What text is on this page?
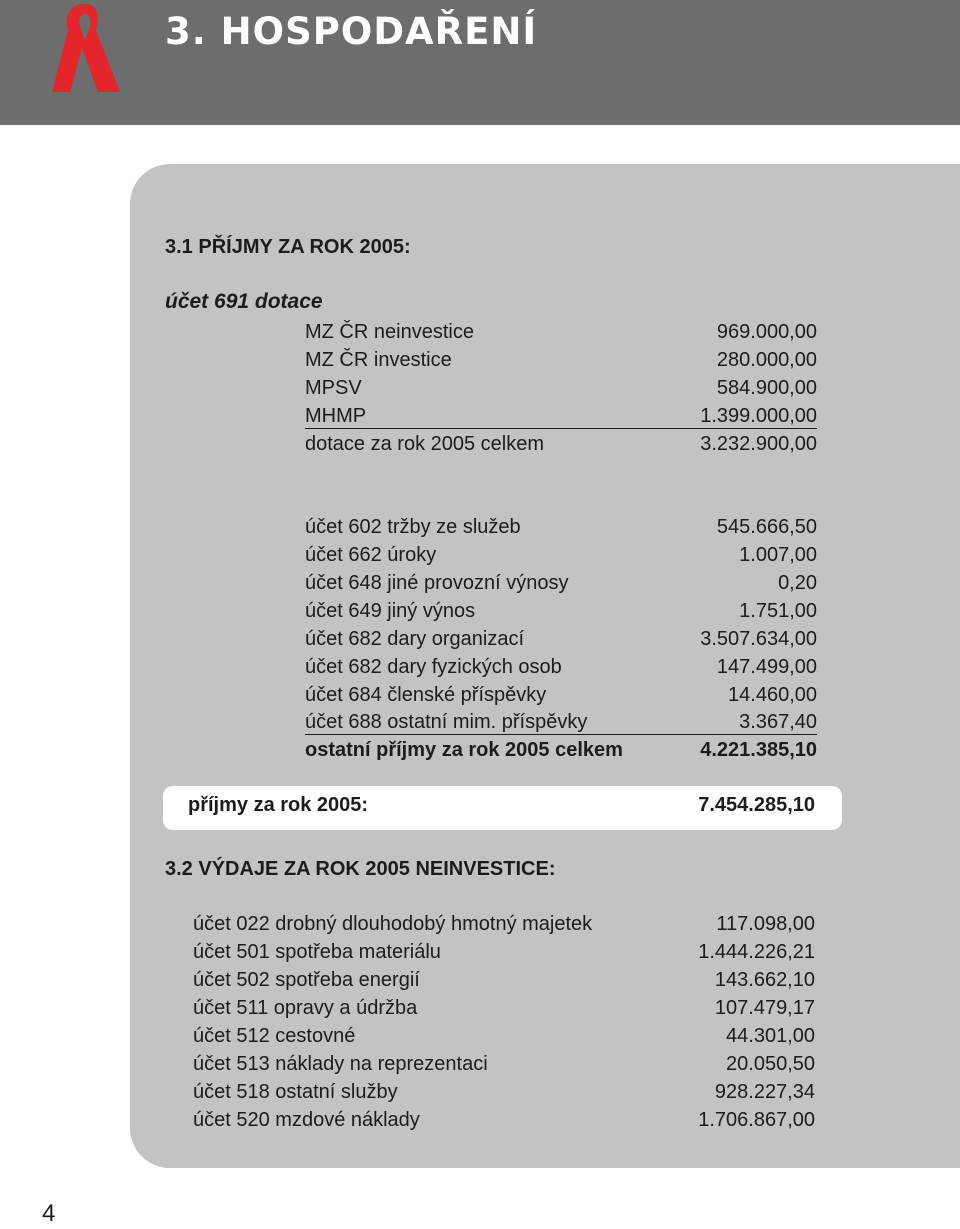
3. HOSPODAŘENÍ
4
3.1 PŘÍJMY ZA ROK 2005:
účet 691 dotace
MZ ČR neinvestice	969.000,00
MZ ČR investice	280.000,00
MPSV	584.900,00
MHMP	1.399.000,00
dotace za rok 2005 celkem	3.232.900,00
účet 602 tržby ze služeb	545.666,50
účet 662 úroky	1.007,00
účet 648 jiné provozní výnosy	0,20
účet 649 jiný výnos	1.751,00
účet 682 dary organizací	3.507.634,00
účet 682 dary fyzických osob	147.499,00
účet 684 členské příspěvky	14.460,00
účet 688 ostatní mim. příspěvky	3.367,40
ostatní příjmy za rok 2005 celkem	4.221.385,10
příjmy za rok 2005:	7.454.285,10
3.2 VÝDAJE ZA ROK 2005 NEINVESTICE:
účet 022 drobný dlouhodobý hmotný majetek	117.098,00
účet 501 spotřeba materiálu	1.444.226,21
účet 502 spotřeba energií	143.662,10
účet 511 opravy a údržba	107.479,17
účet 512 cestovné	44.301,00
účet 513 náklady na reprezentaci	20.050,50
účet 518 ostatní služby	928.227,34
účet 520 mzdové náklady	1.706.867,00
